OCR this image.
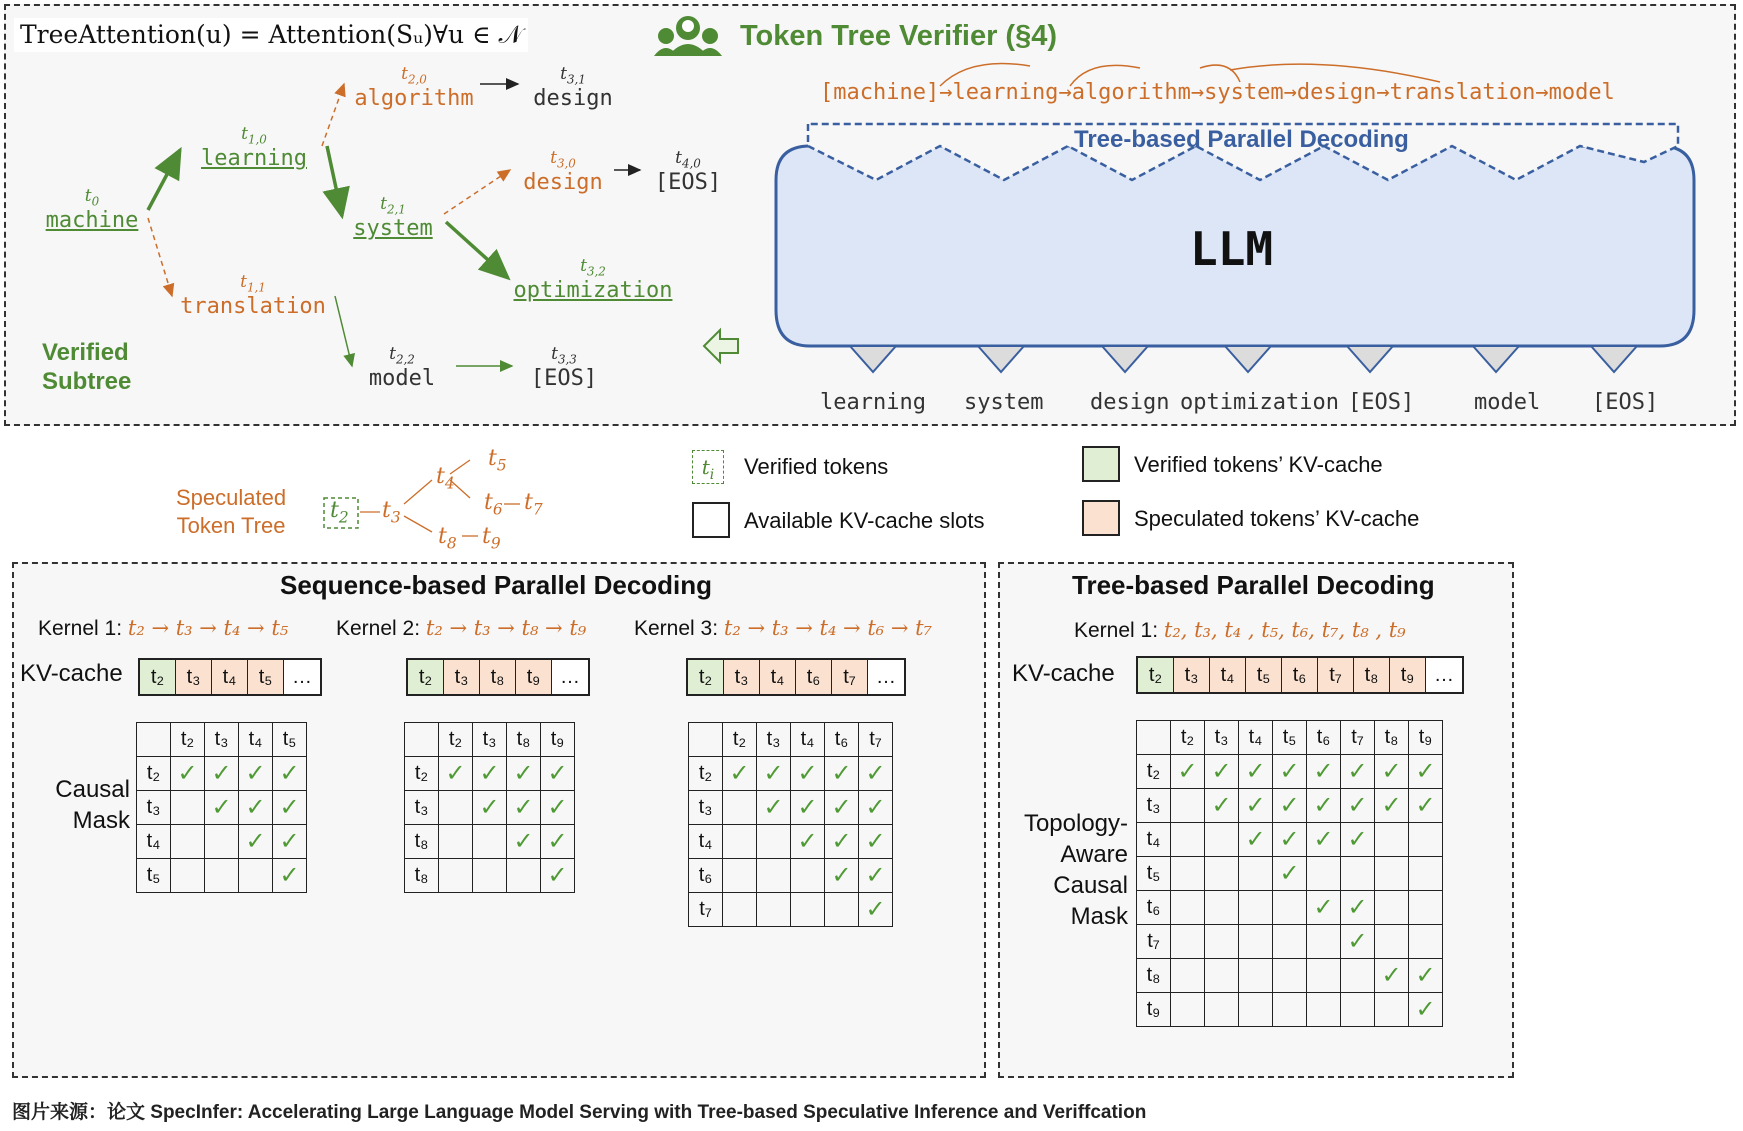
TreeAttention(u) = Attention(Sᵤ)∀u ∈ 𝒩	Token Tree Verifier (§4)
Verified
Subtree
$t_0$
machine
$t_{1,0}$
learning
$t_{1,1}$
translation
$t_{2,0}$
algorithm
$t_{2,1}$
system
$t_{2,2}$
model
$t_{3,1}$
design
$t_{3,0}$
design
$t_{3,2}$
optimization
$t_{3,3}$
[EOS]
$t_{4,0}$
[EOS]
[machine]→learning→algorithm→system→design→translation→model
Tree-based Parallel Decoding
LLM
learning system design optimization [EOS]	model [EOS]
Speculated
Token Tree
$t_2$ $t_3$
$t_4$
$t_5$
$t_6$ $t_7$
$t_8$ $t_9$
$t_i$	Verified tokens
Available KV-cache slots
Verified tokens’ KV-cache
Speculated tokens’ KV-cache
Sequence-based Parallel Decoding
Kernel 1: t₂ → t₃ → t₄ → t₅ Kernel 2: t₂ → t₃ → t₈ → t₉ Kernel 3: t₂ → t₃ → t₄ → t₆ → t₇
KV-cache	t₂	t₃	t₄	t₅ …	t₂	t₃	t₈	t₉ …	t₂	t₃	t₄	t₆	t₇	…
Causal
Mask
	t₂	t₃	t₄	t₅
t₂	✓	✓	✓	✓
t₃		✓	✓	✓
t₄			✓	✓
t₅				✓
	t₂	t₃	t₈	t₉
t₂	✓	✓	✓	✓
t₃		✓	✓	✓
t₈			✓	✓
t₈				✓
	t₂	t₃	t₄	t₆	t₇
t₂	✓	✓	✓	✓	✓
t₃		✓	✓	✓	✓
t₄			✓	✓	✓
t₆				✓	✓
t₇					✓
Tree-based Parallel Decoding
Kernel 1: t₂, t₃, t₄ , t₅, t₆, t₇, t₈ , t₉
KV-cache	t₂	t₃	t₄	t₅	t₆	t₇	t₈	t₉ …
Topology-
Aware
Causal
Mask
	t₂	t₃	t₄	t₅	t₆	t₇	t₈	t₉
t₂	✓	✓	✓	✓	✓	✓	✓	✓
t₃		✓	✓	✓	✓	✓	✓	✓
t₄			✓	✓	✓	✓		
t₅				✓				
t₆					✓	✓		
t₇						✓		
t₈							✓	✓
t₉								✓
图片来源：论文 SpecInfer: Accelerating Large Language Model Serving with Tree-based Speculative Inference and Veriffcation
